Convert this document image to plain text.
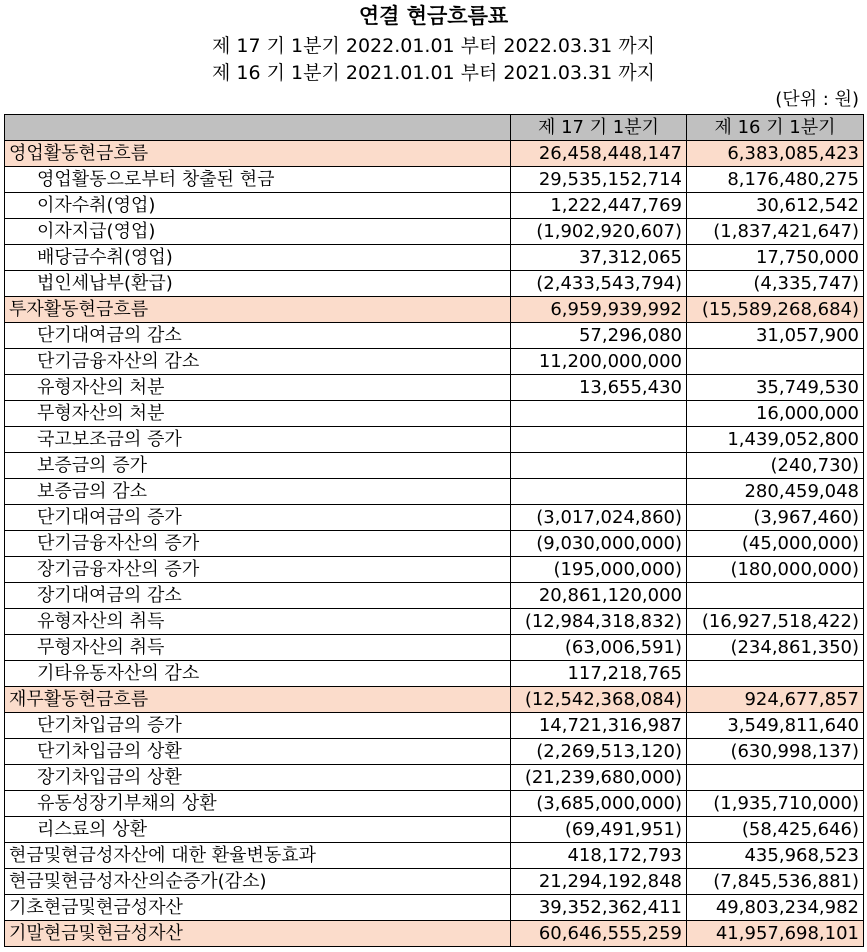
연결 현금흐름표
제 17 기 1분기 2022.01.01 부터 2022.03.31 까지
제 16 기 1분기 2021.01.01 부터 2021.03.31 까지
(단위 : 원)
	제 17 기 1분기	제 16 기 1분기
영업활동현금흐름	26,458,448,147	6,383,085,423
영업활동으로부터 창출된 현금	29,535,152,714	8,176,480,275
이자수취(영업)	1,222,447,769	30,612,542
이자지급(영업)	(1,902,920,607)	(1,837,421,647)
배당금수취(영업)	37,312,065	17,750,000
법인세납부(환급)	(2,433,543,794)	(4,335,747)
투자활동현금흐름	6,959,939,992	(15,589,268,684)
단기대여금의 감소	57,296,080	31,057,900
단기금융자산의 감소	11,200,000,000	
유형자산의 처분	13,655,430	35,749,530
무형자산의 처분		16,000,000
국고보조금의 증가		1,439,052,800
보증금의 증가		(240,730)
보증금의 감소		280,459,048
단기대여금의 증가	(3,017,024,860)	(3,967,460)
단기금융자산의 증가	(9,030,000,000)	(45,000,000)
장기금융자산의 증가	(195,000,000)	(180,000,000)
장기대여금의 감소	20,861,120,000	
유형자산의 취득	(12,984,318,832)	(16,927,518,422)
무형자산의 취득	(63,006,591)	(234,861,350)
기타유동자산의 감소	117,218,765	
재무활동현금흐름	(12,542,368,084)	924,677,857
단기차입금의 증가	14,721,316,987	3,549,811,640
단기차입금의 상환	(2,269,513,120)	(630,998,137)
장기차입금의 상환	(21,239,680,000)	
유동성장기부채의 상환	(3,685,000,000)	(1,935,710,000)
리스료의 상환	(69,491,951)	(58,425,646)
현금및현금성자산에 대한 환율변동효과	418,172,793	435,968,523
현금및현금성자산의순증가(감소)	21,294,192,848	(7,845,536,881)
기초현금및현금성자산	39,352,362,411	49,803,234,982
기말현금및현금성자산	60,646,555,259	41,957,698,101
